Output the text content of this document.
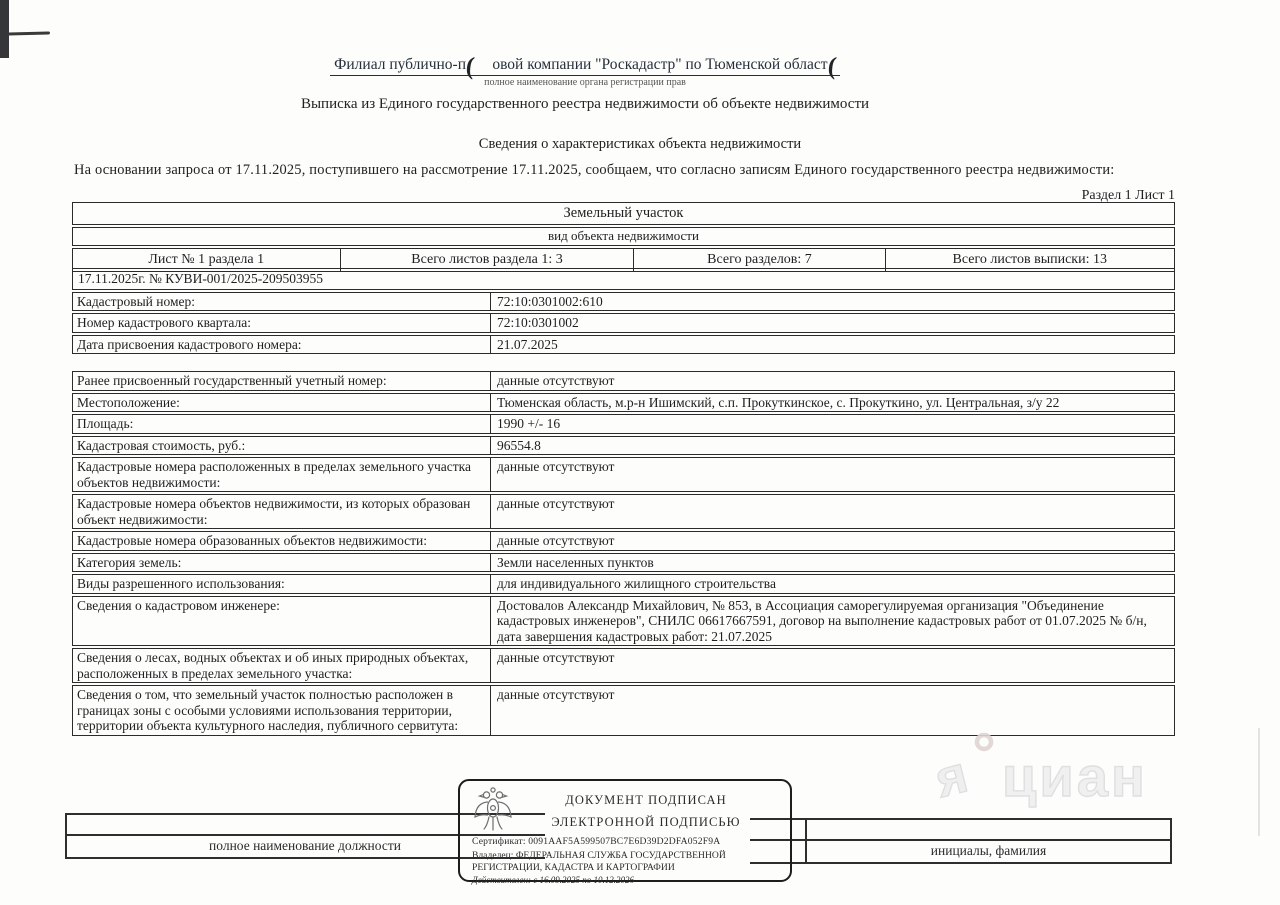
Филиал публично-п( овой компании "Роскадастр" по Тюменской област(
полное наименование органа регистрации прав
Выписка из Единого государственного реестра недвижимости об объекте недвижимости
Сведения о характеристиках объекта недвижимости
На основании запроса от 17.11.2025, поступившего на рассмотрение 17.11.2025, сообщаем, что согласно записям Единого государственного реестра недвижимости:
Раздел 1 Лист 1
Земельный участок
вид объекта недвижимости
Лист № 1 раздела 1	Всего листов раздела 1: 3	Всего разделов: 7	Всего листов выписки: 13
17.11.2025г. № КУВИ-001/2025-209503955
Кадастровый номер:	72:10:0301002:610
Номер кадастрового квартала:	72:10:0301002
Дата присвоения кадастрового номера:	21.07.2025
Ранее присвоенный государственный учетный номер:	данные отсутствуют
Местоположение:	Тюменская область, м.р-н Ишимский, с.п. Прокуткинское, с. Прокуткино, ул. Центральная, з/у 22
Площадь:	1990 +/- 16
Кадастровая стоимость, руб.:	96554.8
Кадастровые номера расположенных в пределах земельного участка объектов недвижимости:
данные отсутствуют
Кадастровые номера объектов недвижимости, из которых образован объект недвижимости:
данные отсутствуют
Кадастровые номера образованных объектов недвижимости:	данные отсутствуют
Категория земель:	Земли населенных пунктов
Виды разрешенного использования:	для индивидуального жилищного строительства
Сведения о кадастровом инженере:	Достовалов Александр Михайлович, № 853, в Ассоциация саморегулируемая организация "Объединение кадастровых инженеров", СНИЛС 06617667591, договор на выполнение кадастровых работ от 01.07.2025 № б/н, дата завершения кадастровых работ: 21.07.2025
Сведения о лесах, водных объектах и об иных природных объектах, расположенных в пределах земельного участка:
данные отсутствуют
Сведения о том, что земельный участок полностью расположен в границах зоны с особыми условиями использования территории, территории объекта культурного наследия, публичного сервитута:
данные отсутствуют
я циан
полное наименование должности	инициалы, фамилия
ДОКУМЕНТ ПОДПИСАН
ЭЛЕКТРОННОЙ ПОДПИСЬЮ
Сертификат: 0091AAF5A599507BC7E6D39D2DFA052F9A
Владелец: ФЕДЕРАЛЬНАЯ СЛУЖБА ГОСУДАРСТВЕННОЙ
РЕГИСТРАЦИИ, КАДАСТРА И КАРТОГРАФИИ
Действителен: с 16.09.2025 по 10.12.2026
